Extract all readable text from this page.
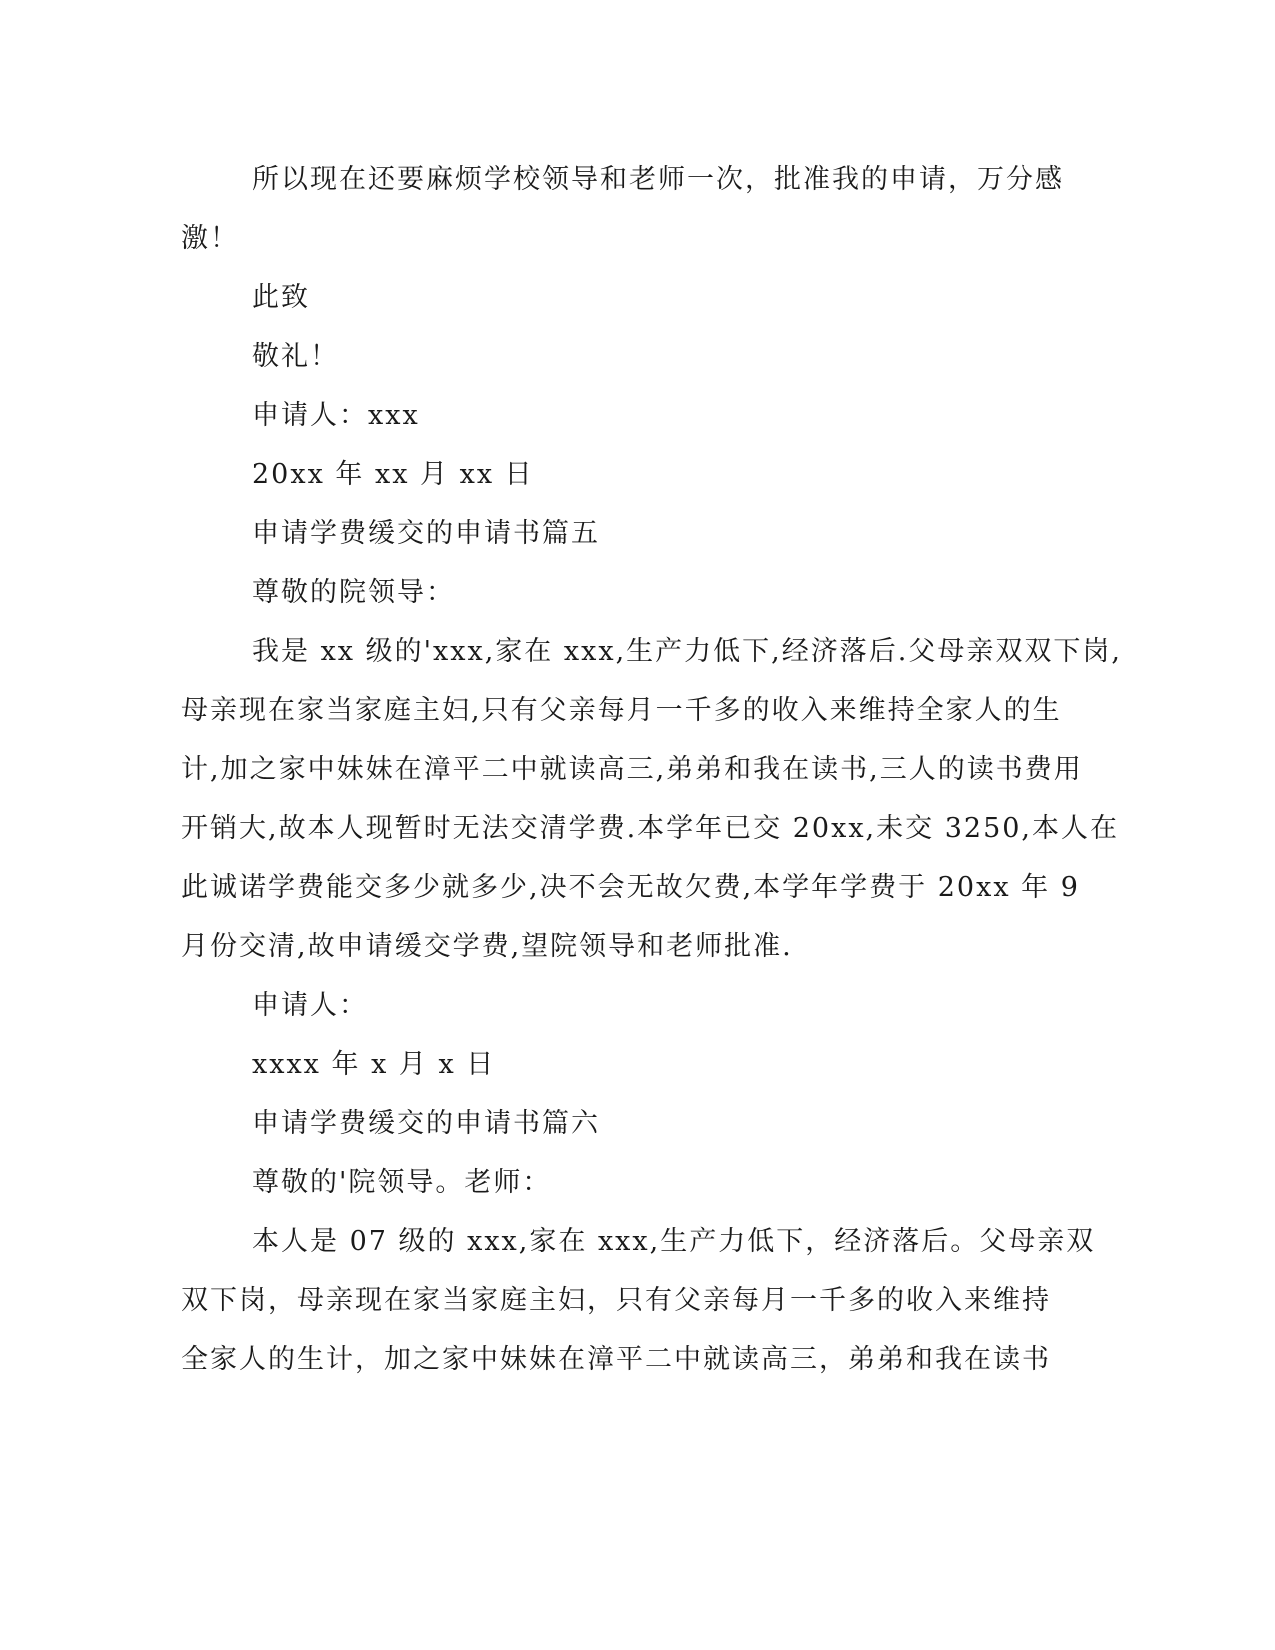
所以现在还要麻烦学校领导和老师一次，批准我的申请，万分感
激！
此致
敬礼！
申请人：xxx
20xx 年 xx 月 xx 日
申请学费缓交的申请书篇五
尊敬的院领导：
我是 xx 级的'xxx,家在 xxx,生产力低下,经济落后.父母亲双双下岗,
母亲现在家当家庭主妇,只有父亲每月一千多的收入来维持全家人的生
计,加之家中妹妹在漳平二中就读高三,弟弟和我在读书,三人的读书费用
开销大,故本人现暂时无法交清学费.本学年已交 20xx,未交 3250,本人在
此诚诺学费能交多少就多少,决不会无故欠费,本学年学费于 20xx 年 9
月份交清,故申请缓交学费,望院领导和老师批准.
申请人：
xxxx 年 x 月 x 日
申请学费缓交的申请书篇六
尊敬的'院领导。老师：
本人是 07 级的 xxx,家在 xxx,生产力低下，经济落后。父母亲双
双下岗，母亲现在家当家庭主妇，只有父亲每月一千多的收入来维持
全家人的生计，加之家中妹妹在漳平二中就读高三，弟弟和我在读书
